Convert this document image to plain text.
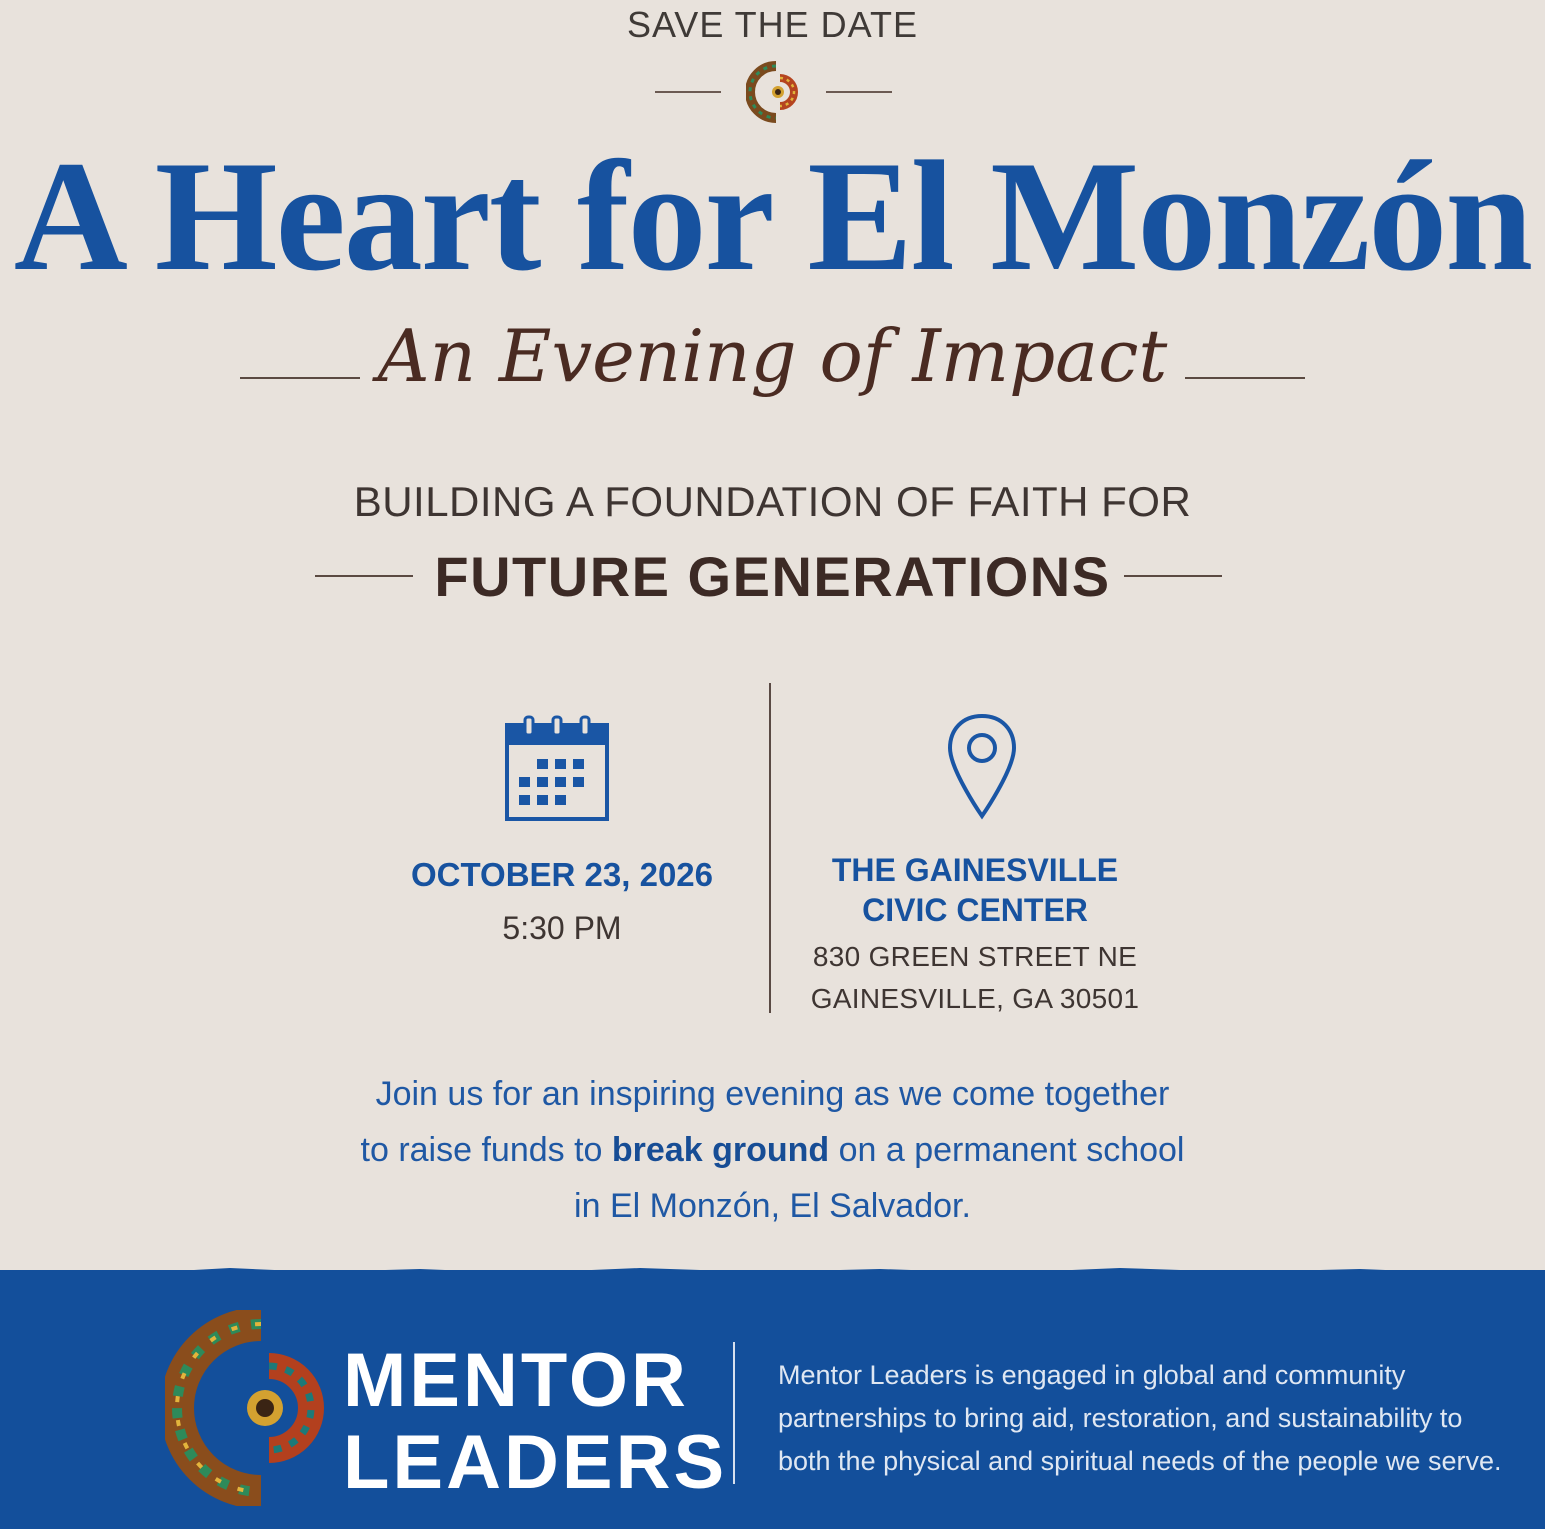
SAVE THE DATE
A Heart for El Monzón
An Evening of Impact
BUILDING A FOUNDATION OF FAITH FOR
FUTURE GENERATIONS
OCTOBER 23, 2026
5:30 PM
THE GAINESVILLE
CIVIC CENTER
830 GREEN STREET NE
GAINESVILLE, GA 30501
Join us for an inspiring evening as we come together
to raise funds to break ground on a permanent school
in El Monzón, El Salvador.
MENTOR
LEADERS
Mentor Leaders is engaged in global and community
partnerships to bring aid, restoration, and sustainability to
both the physical and spiritual needs of the people we serve.
